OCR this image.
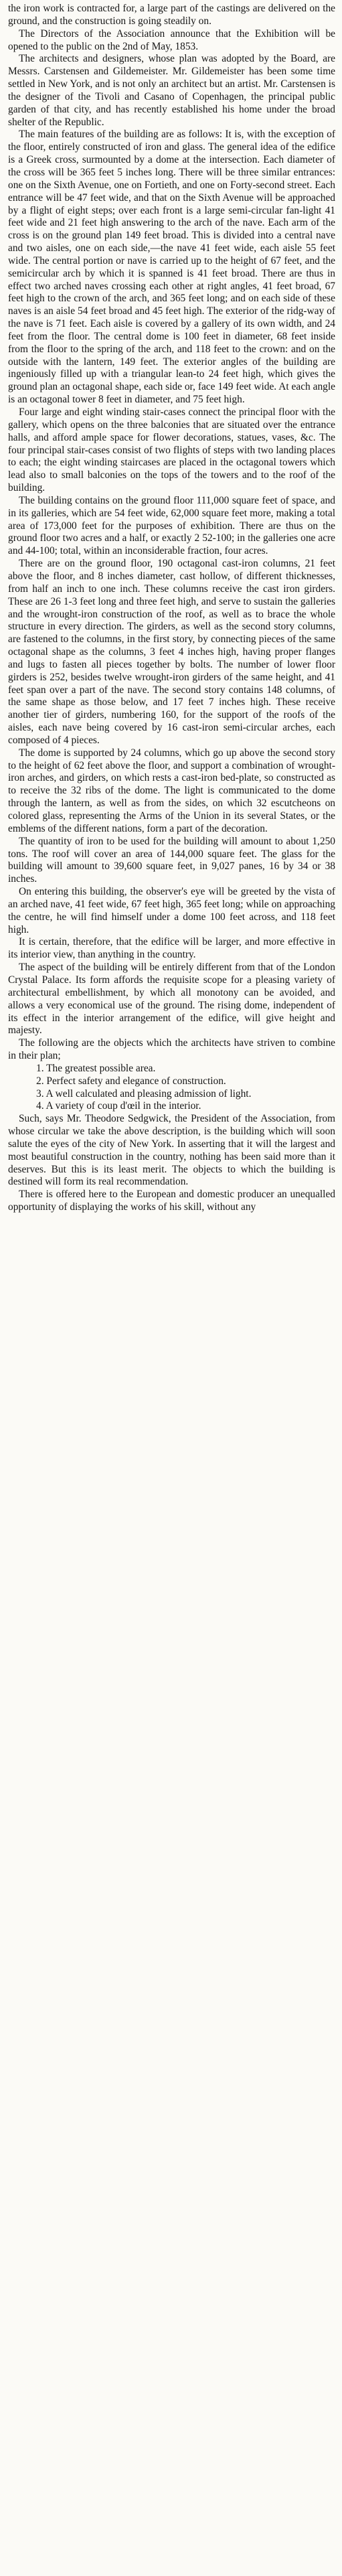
the iron work is contracted for, a large part of the castings are delivered on the ground, and the construction is going steadily on.

The Directors of the Association announce that the Exhibition will be opened to the public on the 2nd of May, 1853.

The architects and designers, whose plan was adopted by the Board, are Messrs. Carstensen and Gildemeister. Mr. Gildemeister has been some time settled in New York, and is not only an architect but an artist. Mr. Carstensen is the designer of the Tivoli and Casano of Copenhagen, the principal public garden of that city, and has recently established his home under the broad shelter of the Republic.

The main features of the building are as follows: It is, with the exception of the floor, entirely constructed of iron and glass. The general idea of the edifice is a Greek cross, surmounted by a dome at the intersection. Each diameter of the cross will be 365 feet 5 inches long. There will be three similar entrances: one on the Sixth Avenue, one on Fortieth, and one on Forty-second street. Each entrance will be 47 feet wide, and that on the Sixth Avenue will be approached by a flight of eight steps; over each front is a large semi-circular fan-light 41 feet wide and 21 feet high answering to the arch of the nave. Each arm of the cross is on the ground plan 149 feet broad. This is divided into a central nave and two aisles, one on each side,—the nave 41 feet wide, each aisle 55 feet wide. The central portion or nave is carried up to the height of 67 feet, and the semicircular arch by which it is spanned is 41 feet broad. There are thus in effect two arched naves crossing each other at right angles, 41 feet broad, 67 feet high to the crown of the arch, and 365 feet long; and on each side of these naves is an aisle 54 feet broad and 45 feet high. The exterior of the ridg-way of the nave is 71 feet. Each aisle is covered by a gallery of its own width, and 24 feet from the floor. The central dome is 100 feet in diameter, 68 feet inside from the floor to the spring of the arch, and 118 feet to the crown: and on the outside with the lantern, 149 feet. The exterior angles of the building are ingeniously filled up with a triangular lean-to 24 feet high, which gives the ground plan an octagonal shape, each side or, face 149 feet wide. At each angle is an octagonal tower 8 feet in diameter, and 75 feet high.

Four large and eight winding stair-cases connect the principal floor with the gallery, which opens on the three balconies that are situated over the entrance halls, and afford ample space for flower decorations, statues, vases, &c. The four principal stair-cases consist of two flights of steps with two landing places to each; the eight winding staircases are placed in the octagonal towers which lead also to small balconies on the tops of the towers and to the roof of the building.

The building contains on the ground floor 111,000 square feet of space, and in its galleries, which are 54 feet wide, 62,000 square feet more, making a total area of 173,000 feet for the purposes of exhibition. There are thus on the ground floor two acres and a half, or exactly 2 52-100; in the galleries one acre and 44-100; total, within an inconsiderable fraction, four acres.

There are on the ground floor, 190 octagonal cast-iron columns, 21 feet above the floor, and 8 inches diameter, cast hollow, of different thicknesses, from half an inch to one inch. These columns receive the cast iron girders. These are 26 1-3 feet long and three feet high, and serve to sustain the galleries and the wrought-iron construction of the roof, as well as to brace the whole structure in every direction. The girders, as well as the second story columns, are fastened to the columns, in the first story, by connecting pieces of the same octagonal shape as the columns, 3 feet 4 inches high, having proper flanges and lugs to fasten all pieces together by bolts. The number of lower floor girders is 252, besides twelve wrought-iron girders of the same height, and 41 feet span over a part of the nave. The second story contains 148 columns, of the same shape as those below, and 17 feet 7 inches high. These receive another tier of girders, numbering 160, for the support of the roofs of the aisles, each nave being covered by 16 cast-iron semi-circular arches, each composed of 4 pieces.

The dome is supported by 24 columns, which go up above the second story to the height of 62 feet above the floor, and support a combination of wrought-iron arches, and girders, on which rests a cast-iron bed-plate, so constructed as to receive the 32 ribs of the dome. The light is communicated to the dome through the lantern, as well as from the sides, on which 32 escutcheons on colored glass, representing the Arms of the Union in its several States, or the emblems of the different nations, form a part of the decoration.

The quantity of iron to be used for the building will amount to about 1,250 tons. The roof will cover an area of 144,000 square feet. The glass for the building will amount to 39,600 square feet, in 9,027 panes, 16 by 34 or 38 inches.

On entering this building, the observer's eye will be greeted by the vista of an arched nave, 41 feet wide, 67 feet high, 365 feet long; while on approaching the centre, he will find himself under a dome 100 feet across, and 118 feet high.

It is certain, therefore, that the edifice will be larger, and more effective in its interior view, than anything in the country.

The aspect of the building will be entirely different from that of the London Crystal Palace. Its form affords the requisite scope for a pleasing variety of architectural embellishment, by which all monotony can be avoided, and allows a very economical use of the ground. The rising dome, independent of its effect in the interior arrangement of the edifice, will give height and majesty.

The following are the objects which the architects have striven to combine in their plan;

1. The greatest possible area.

2. Perfect safety and elegance of construction.

3. A well calculated and pleasing admission of light.

4. A variety of coup d'œil in the interior.

Such, says Mr. Theodore Sedgwick, the President of the Association, from whose circular we take the above description, is the building which will soon salute the eyes of the city of New York. In asserting that it will the largest and most beautiful construction in the country, nothing has been said more than it deserves. But this is its least merit. The objects to which the building is destined will form its real recommendation.

There is offered here to the European and domestic producer an unequalled opportunity of displaying the works of his skill, without any
